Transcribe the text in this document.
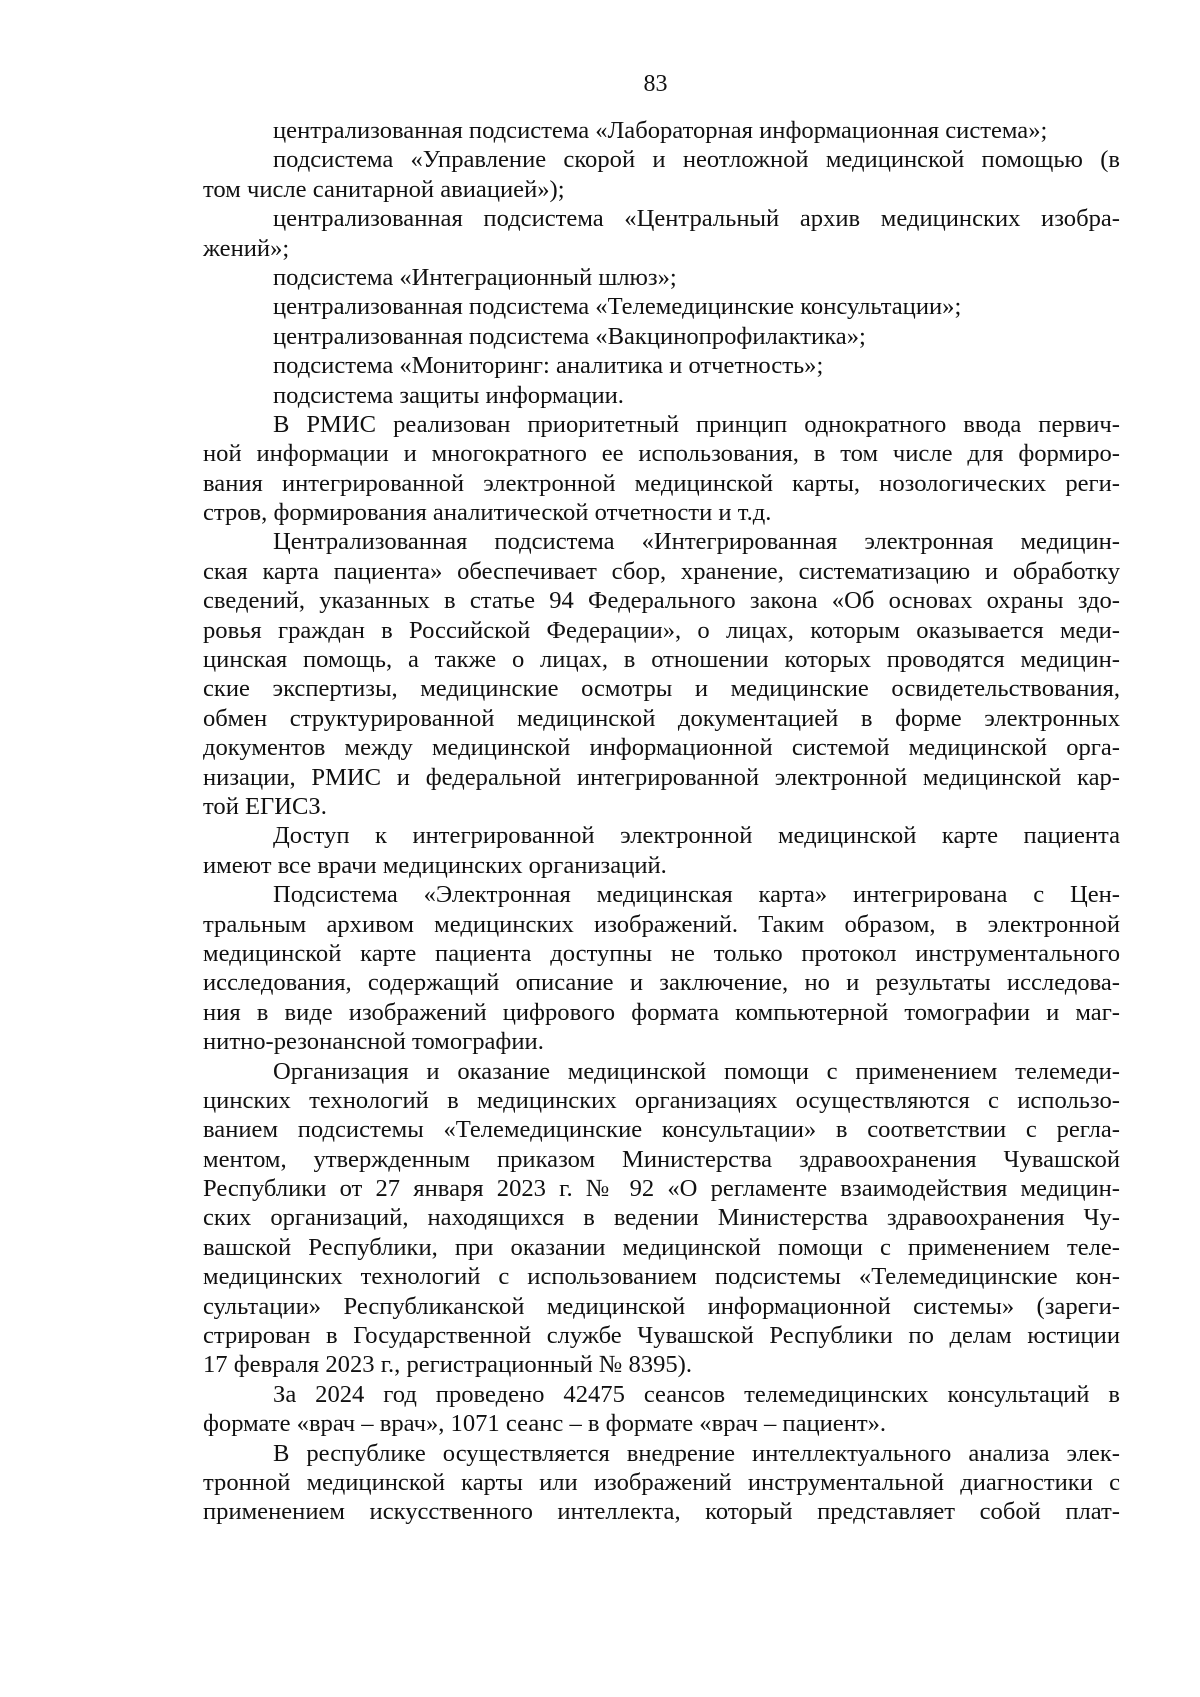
83

централизованная подсистема «Лабораторная информационная система»;

подсистема «Управление скорой и неотложной медицинской помощью (в

том числе санитарной авиацией»);

централизованная подсистема «Центральный архив медицинских изобра-

жений»;

подсистема «Интеграционный шлюз»;

централизованная подсистема «Телемедицинские консультации»;

централизованная подсистема «Вакцинопрофилактика»;

подсистема «Мониторинг: аналитика и отчетность»;

подсистема защиты информации.

В РМИС реализован приоритетный принцип однократного ввода первич-

ной информации и многократного ее использования, в том числе для формиро-

вания интегрированной электронной медицинской карты, нозологических реги-

стров, формирования аналитической отчетности и т.д.

Централизованная подсистема «Интегрированная электронная медицин-

ская карта пациента» обеспечивает сбор, хранение, систематизацию и обработку

сведений, указанных в статье 94 Федерального закона «Об основах охраны здо-

ровья граждан в Российской Федерации», о лицах, которым оказывается меди-

цинская помощь, а также о лицах, в отношении которых проводятся медицин-

ские экспертизы, медицинские осмотры и медицинские освидетельствования,

обмен структурированной медицинской документацией в форме электронных

документов между медицинской информационной системой медицинской орга-

низации, РМИС и федеральной интегрированной электронной медицинской кар-

той ЕГИСЗ.

Доступ к интегрированной электронной медицинской карте пациента

имеют все врачи медицинских организаций.

Подсистема «Электронная медицинская карта» интегрирована с Цен-

тральным архивом медицинских изображений. Таким образом, в электронной

медицинской карте пациента доступны не только протокол инструментального

исследования, содержащий описание и заключение, но и результаты исследова-

ния в виде изображений цифрового формата компьютерной томографии и маг-

нитно-резонансной томографии.

Организация и оказание медицинской помощи с применением телемеди-

цинских технологий в медицинских организациях осуществляются с использо-

ванием подсистемы «Телемедицинские консультации» в соответствии с регла-

ментом, утвержденным приказом Министерства здравоохранения Чувашской

Республики от 27 января 2023 г. № 92 «О регламенте взаимодействия медицин-

ских организаций, находящихся в ведении Министерства здравоохранения Чу-

вашской Республики, при оказании медицинской помощи с применением теле-

медицинских технологий с использованием подсистемы «Телемедицинские кон-

сультации» Республиканской медицинской информационной системы» (зареги-

стрирован в Государственной службе Чувашской Республики по делам юстиции

17 февраля 2023 г., регистрационный № 8395).

За 2024 год проведено 42475 сеансов телемедицинских консультаций в

формате «врач – врач», 1071 сеанс – в формате «врач – пациент».

В республике осуществляется внедрение интеллектуального анализа элек-

тронной медицинской карты или изображений инструментальной диагностики с

применением искусственного интеллекта, который представляет собой плат-
